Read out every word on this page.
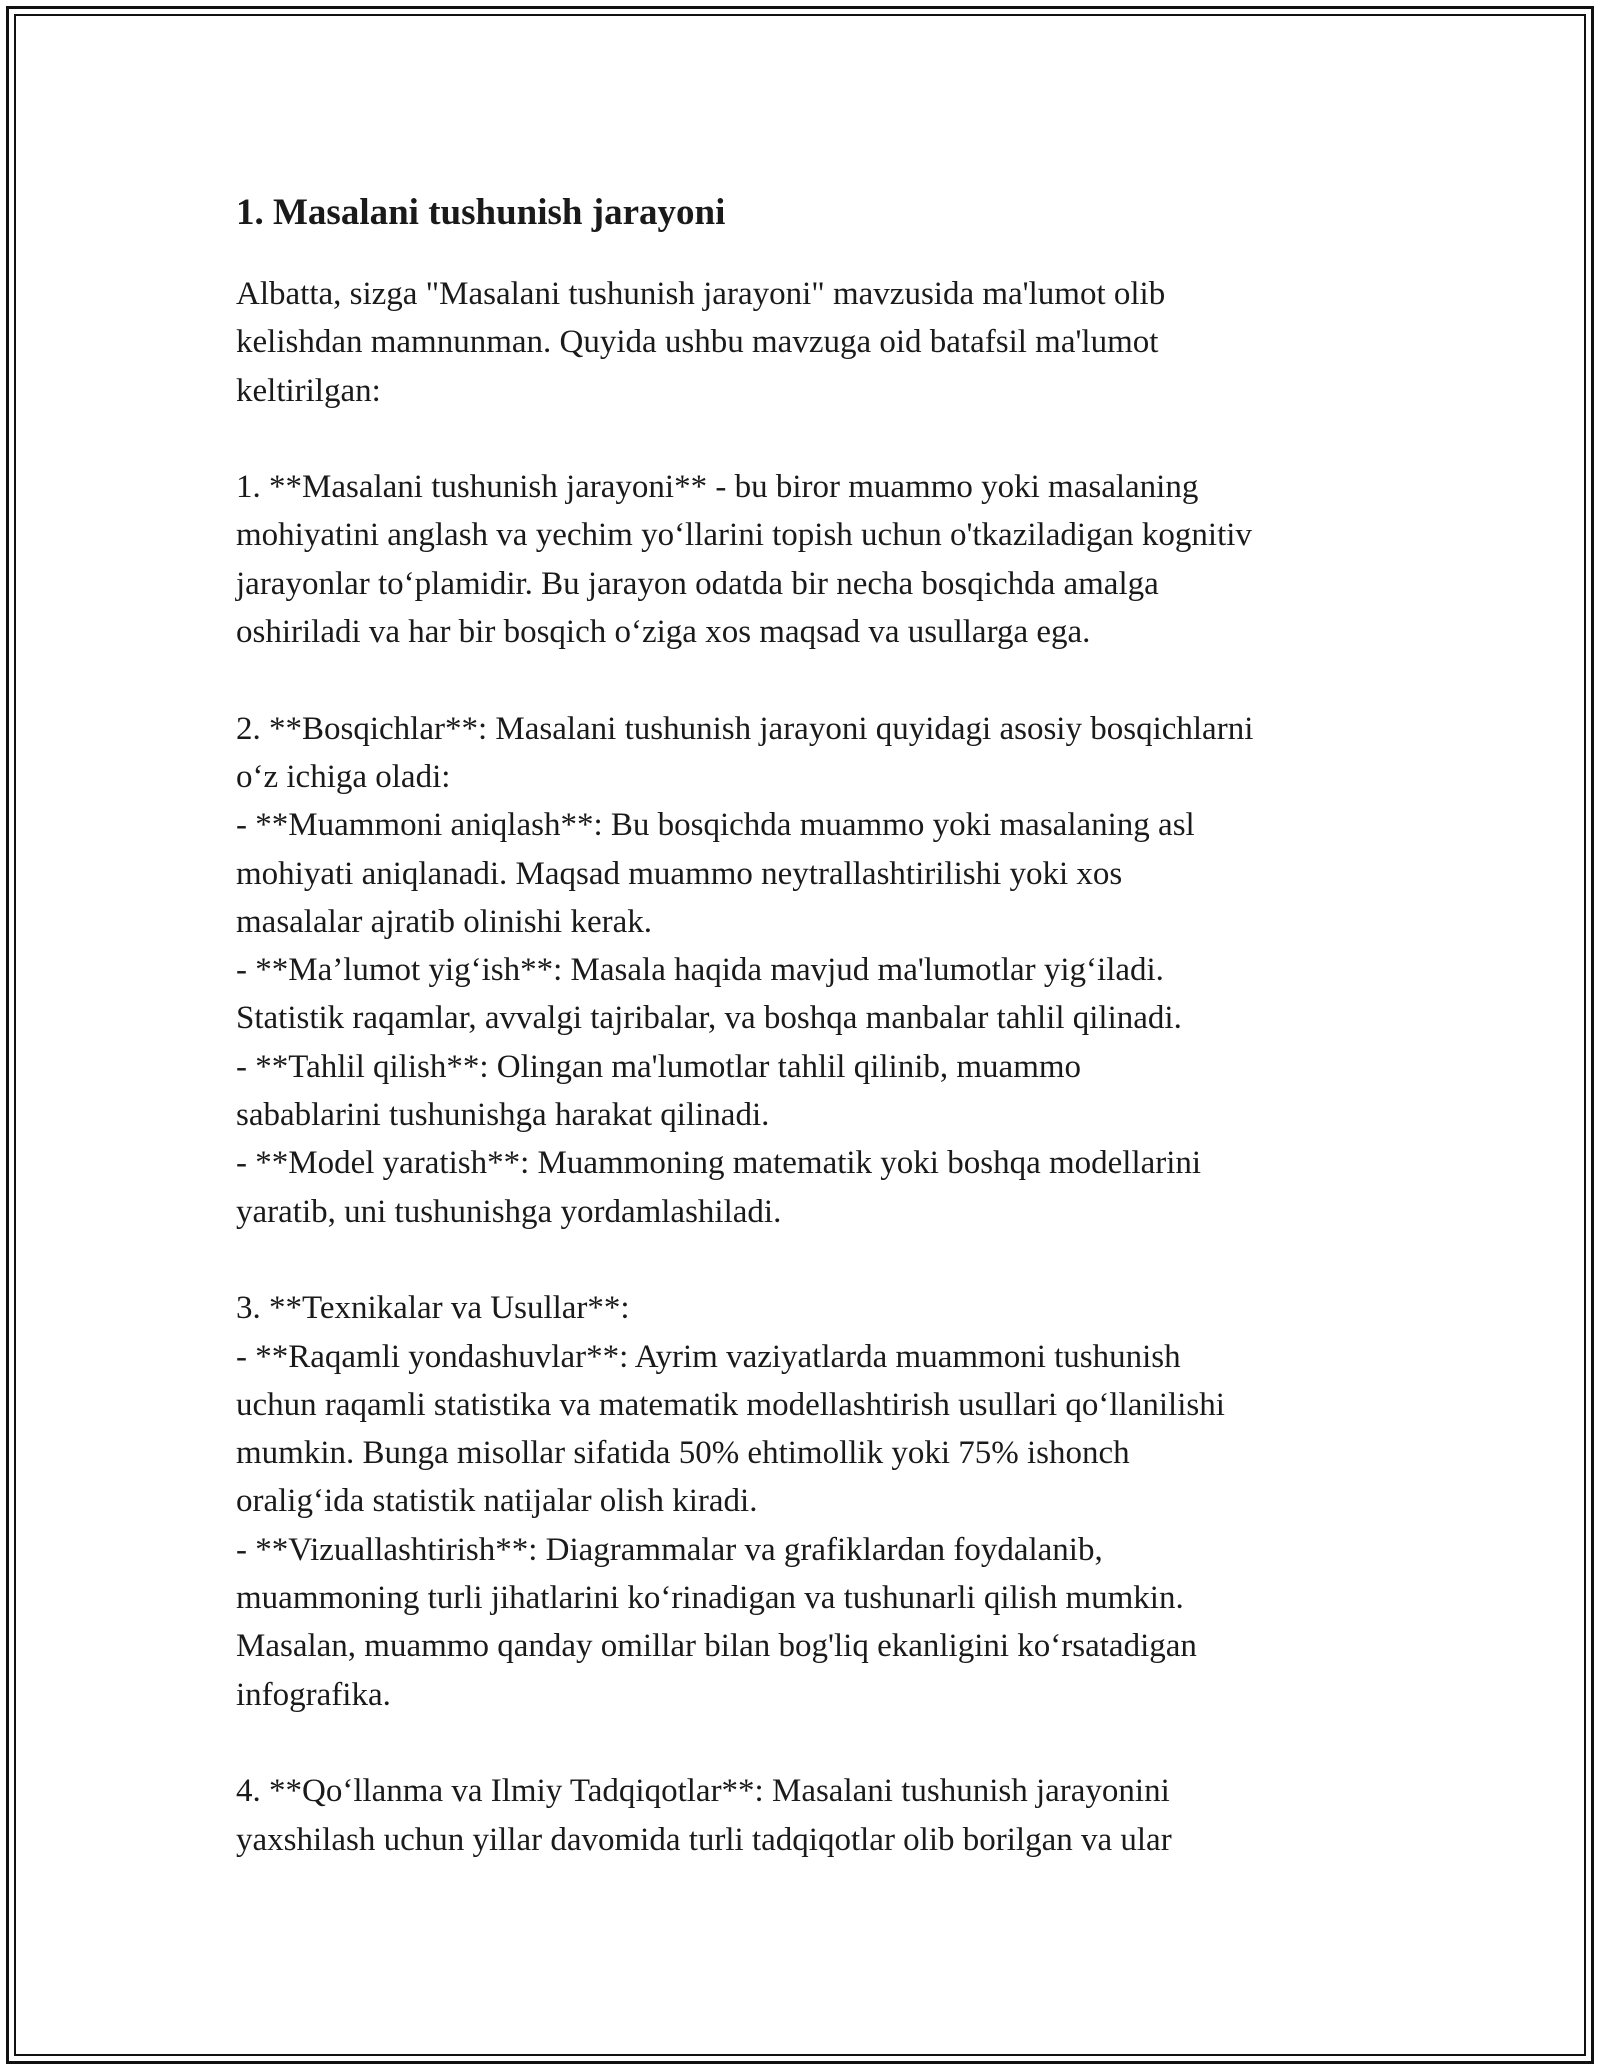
1. Masalani tushunish jarayoni

Albatta, sizga "Masalani tushunish jarayoni" mavzusida ma'lumot olib
kelishdan mamnunman. Quyida ushbu mavzuga oid batafsil ma'lumot
keltirilgan:

1. **Masalani tushunish jarayoni** - bu biror muammo yoki masalaning
mohiyatini anglash va yechim yo‘llarini topish uchun o'tkaziladigan kognitiv
jarayonlar to‘plamidir. Bu jarayon odatda bir necha bosqichda amalga
oshiriladi va har bir bosqich o‘ziga xos maqsad va usullarga ega.

2. **Bosqichlar**: Masalani tushunish jarayoni quyidagi asosiy bosqichlarni
o‘z ichiga oladi:
- **Muammoni aniqlash**: Bu bosqichda muammo yoki masalaning asl
mohiyati aniqlanadi. Maqsad muammo neytrallashtirilishi yoki xos
masalalar ajratib olinishi kerak.
- **Ma’lumot yig‘ish**: Masala haqida mavjud ma'lumotlar yig‘iladi.
Statistik raqamlar, avvalgi tajribalar, va boshqa manbalar tahlil qilinadi.
- **Tahlil qilish**: Olingan ma'lumotlar tahlil qilinib, muammo
sabablarini tushunishga harakat qilinadi.
- **Model yaratish**: Muammoning matematik yoki boshqa modellarini
yaratib, uni tushunishga yordamlashiladi.

3. **Texnikalar va Usullar**:
- **Raqamli yondashuvlar**: Ayrim vaziyatlarda muammoni tushunish
uchun raqamli statistika va matematik modellashtirish usullari qo‘llanilishi
mumkin. Bunga misollar sifatida 50% ehtimollik yoki 75% ishonch
oralig‘ida statistik natijalar olish kiradi.
- **Vizuallashtirish**: Diagrammalar va grafiklardan foydalanib,
muammoning turli jihatlarini ko‘rinadigan va tushunarli qilish mumkin.
Masalan, muammo qanday omillar bilan bog'liq ekanligini ko‘rsatadigan
infografika.

4. **Qo‘llanma va Ilmiy Tadqiqotlar**: Masalani tushunish jarayonini
yaxshilash uchun yillar davomida turli tadqiqotlar olib borilgan va ular
